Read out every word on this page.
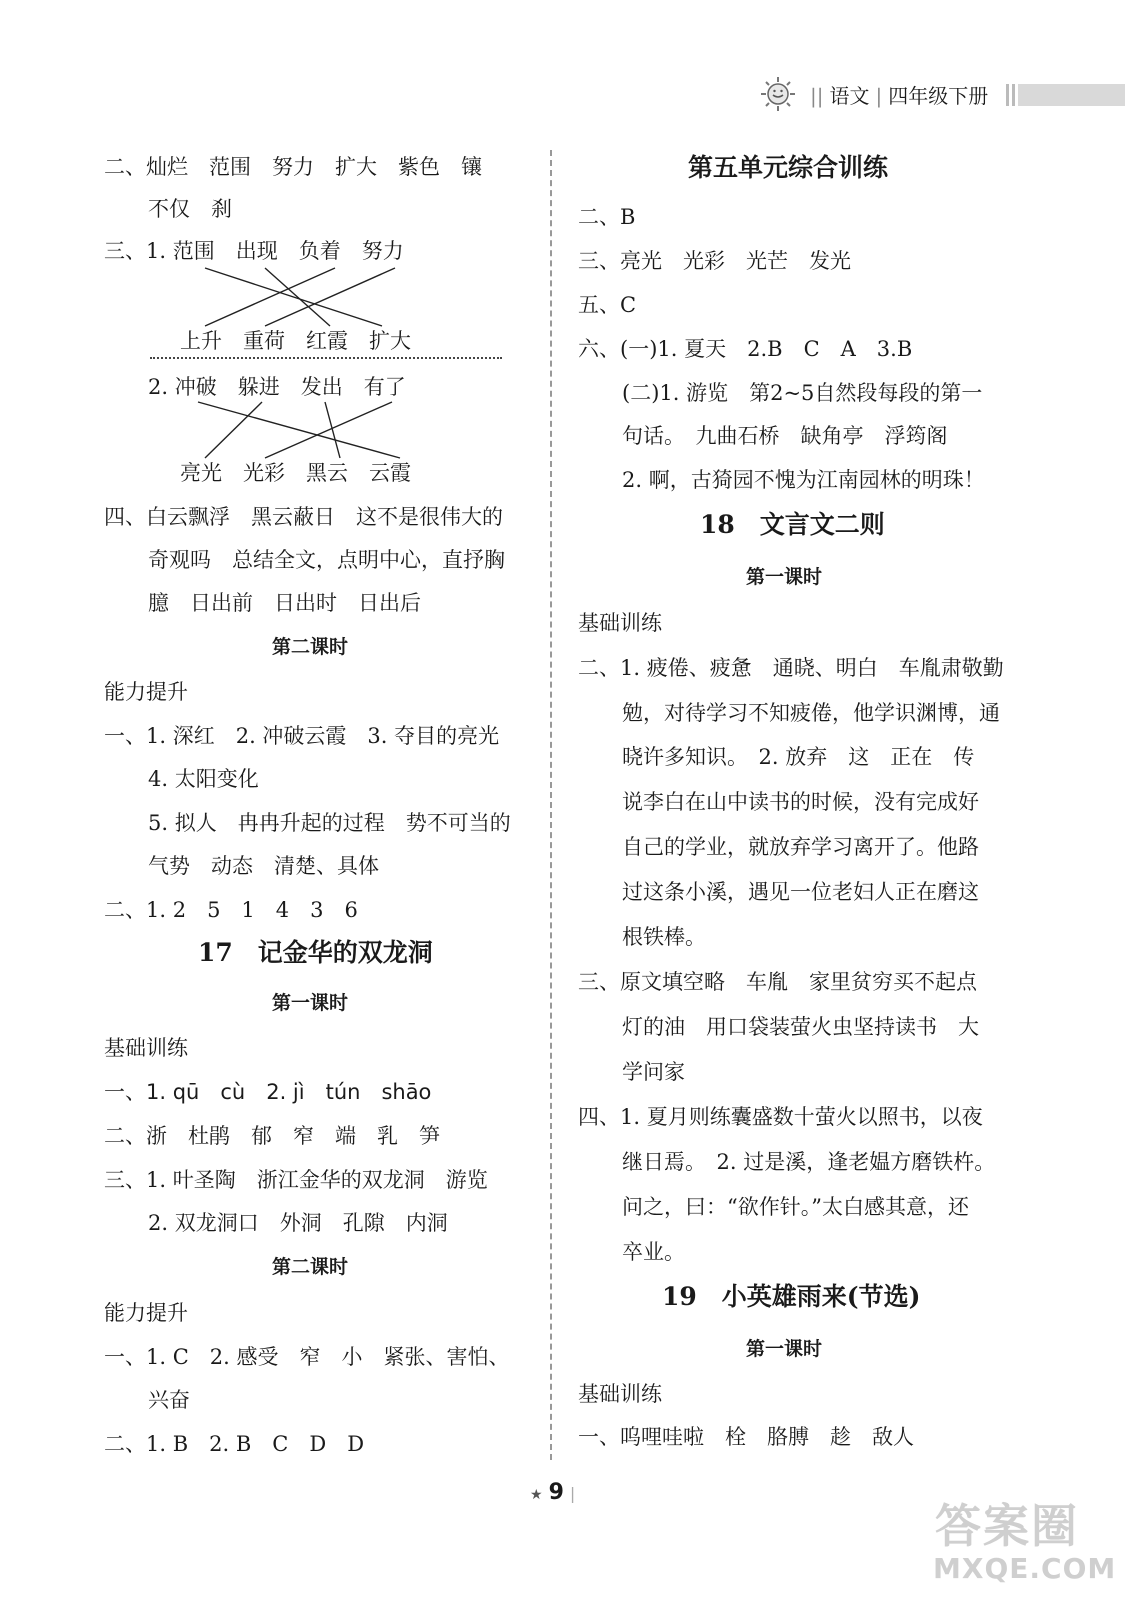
|| 语文 | 四年级下册
二、灿烂　范围　努力　扩大　紫色　镶
不仅　刹
三、1. 范围　出现　负着　努力
上升　重荷　红霞　扩大
2. 冲破　躲进　发出　有了
亮光　光彩　黑云　云霞
四、白云飘浮　黑云蔽日　这不是很伟大的
奇观吗　总结全文，点明中心，直抒胸
臆　日出前　日出时　日出后
第二课时
能力提升
一、1. 深红　2. 冲破云霞　3. 夺目的亮光
4. 太阳变化
5. 拟人　冉冉升起的过程　势不可当的
气势　动态　清楚、具体
二、1. 2　5　1　4　3　6
17　记金华的双龙洞
第一课时
基础训练
一、1. qū　cù　2. jì　tún　shāo
二、浙　杜鹃　郁　窄　端　乳　笋
三、1. 叶圣陶　浙江金华的双龙洞　游览
2. 双龙洞口　外洞　孔隙　内洞
第二课时
能力提升
一、1. C　2. 感受　窄　小　紧张、害怕、
兴奋
二、1. B　2. B　C　D　D
第五单元综合训练
二、B
三、亮光　光彩　光芒　发光
五、C
六、(一)1. 夏天　2.B　C　A　3.B
(二)1. 游览　第2~5自然段每段的第一
句话。　九曲石桥　缺角亭　浮筠阁
2. 啊，古猗园不愧为江南园林的明珠！
18　文言文二则
第一课时
基础训练
二、1. 疲倦、疲惫　通晓、明白　车胤肃敬勤
勉，对待学习不知疲倦，他学识渊博，通
晓许多知识。　2. 放弃　这　正在　传
说李白在山中读书的时候，没有完成好
自己的学业，就放弃学习离开了。他路
过这条小溪，遇见一位老妇人正在磨这
根铁棒。
三、原文填空略　车胤　家里贫穷买不起点
灯的油　用口袋装萤火虫坚持读书　大
学问家
四、1. 夏月则练囊盛数十萤火以照书，以夜
继日焉。　2. 过是溪，逢老媪方磨铁杵。
问之，曰：“欲作针。”太白感其意，还
卒业。
19　小英雄雨来(节选)
第一课时
基础训练
一、呜哩哇啦　栓　胳膊　趁　敌人
★ 9 |
答案圈
MXQE.COM
